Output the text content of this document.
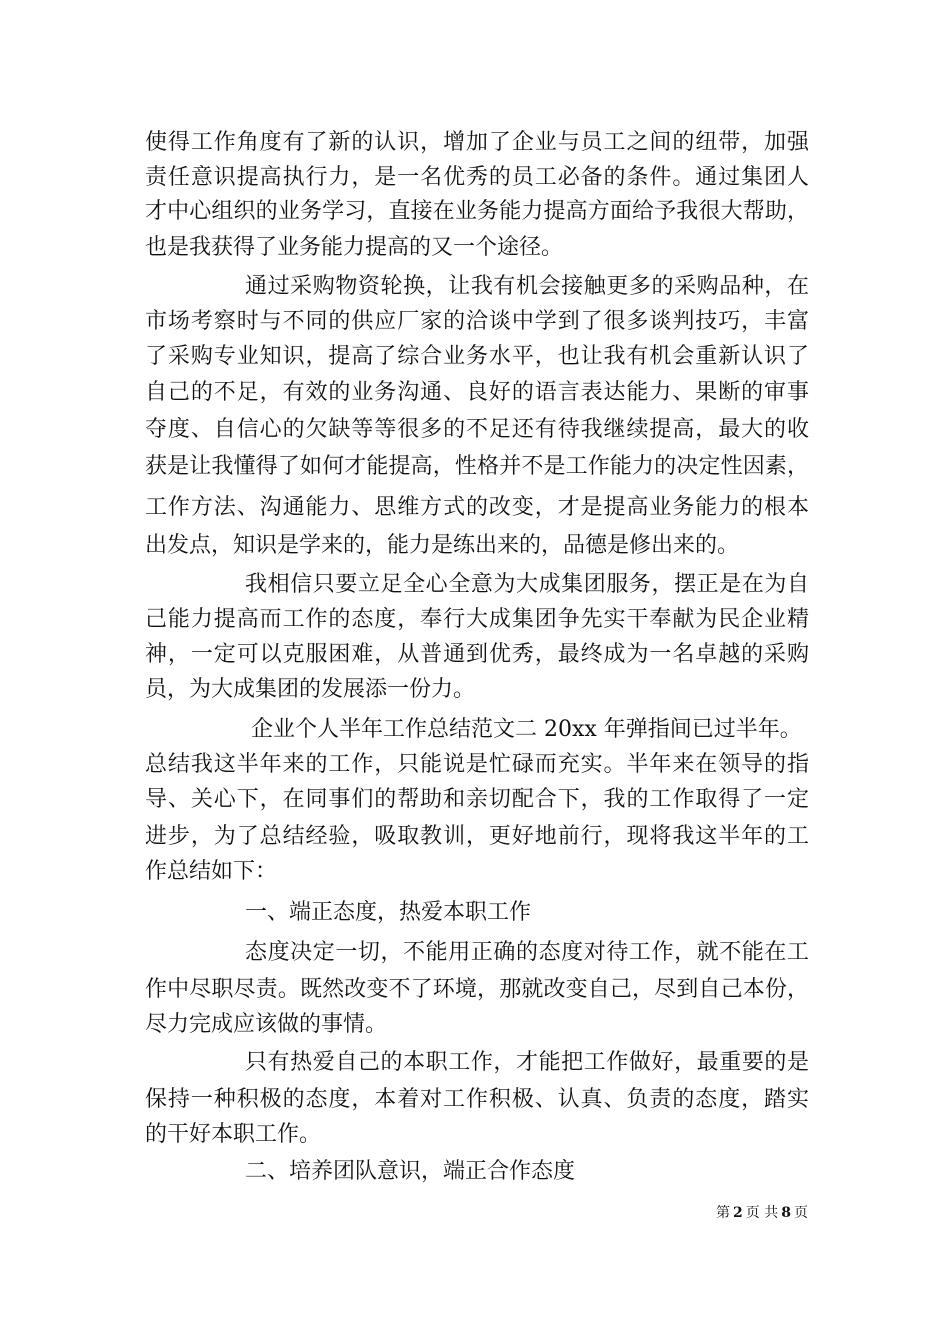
使得工作角度有了新的认识，增加了企业与员工之间的纽带，加强
责任意识提高执行力，是一名优秀的员工必备的条件。通过集团人
才中心组织的业务学习，直接在业务能力提高方面给予我很大帮助，
也是我获得了业务能力提高的又一个途径。
通过采购物资轮换，让我有机会接触更多的采购品种，在
市场考察时与不同的供应厂家的洽谈中学到了很多谈判技巧，丰富
了采购专业知识，提高了综合业务水平，也让我有机会重新认识了
自己的不足，有效的业务沟通、良好的语言表达能力、果断的审事
夺度、自信心的欠缺等等很多的不足还有待我继续提高，最大的收
获是让我懂得了如何才能提高，性格并不是工作能力的决定性因素，
工作方法、沟通能力、思维方式的改变，才是提高业务能力的根本
出发点，知识是学来的，能力是练出来的，品德是修出来的。
我相信只要立足全心全意为大成集团服务，摆正是在为自
己能力提高而工作的态度，奉行大成集团争先实干奉献为民企业精
神，一定可以克服困难，从普通到优秀，最终成为一名卓越的采购
员，为大成集团的发展添一份力。
企业个人半年工作总结范文二 20xx 年弹指间已过半年。
总结我这半年来的工作，只能说是忙碌而充实。半年来在领导的指
导、关心下，在同事们的帮助和亲切配合下，我的工作取得了一定
进步，为了总结经验，吸取教训，更好地前行，现将我这半年的工
作总结如下：
一、端正态度，热爱本职工作
态度决定一切，不能用正确的态度对待工作，就不能在工
作中尽职尽责。既然改变不了环境，那就改变自己，尽到自己本份，
尽力完成应该做的事情。
只有热爱自己的本职工作，才能把工作做好，最重要的是
保持一种积极的态度，本着对工作积极、认真、负责的态度，踏实
的干好本职工作。
二、培养团队意识，端正合作态度
第 2 页 共 8 页
